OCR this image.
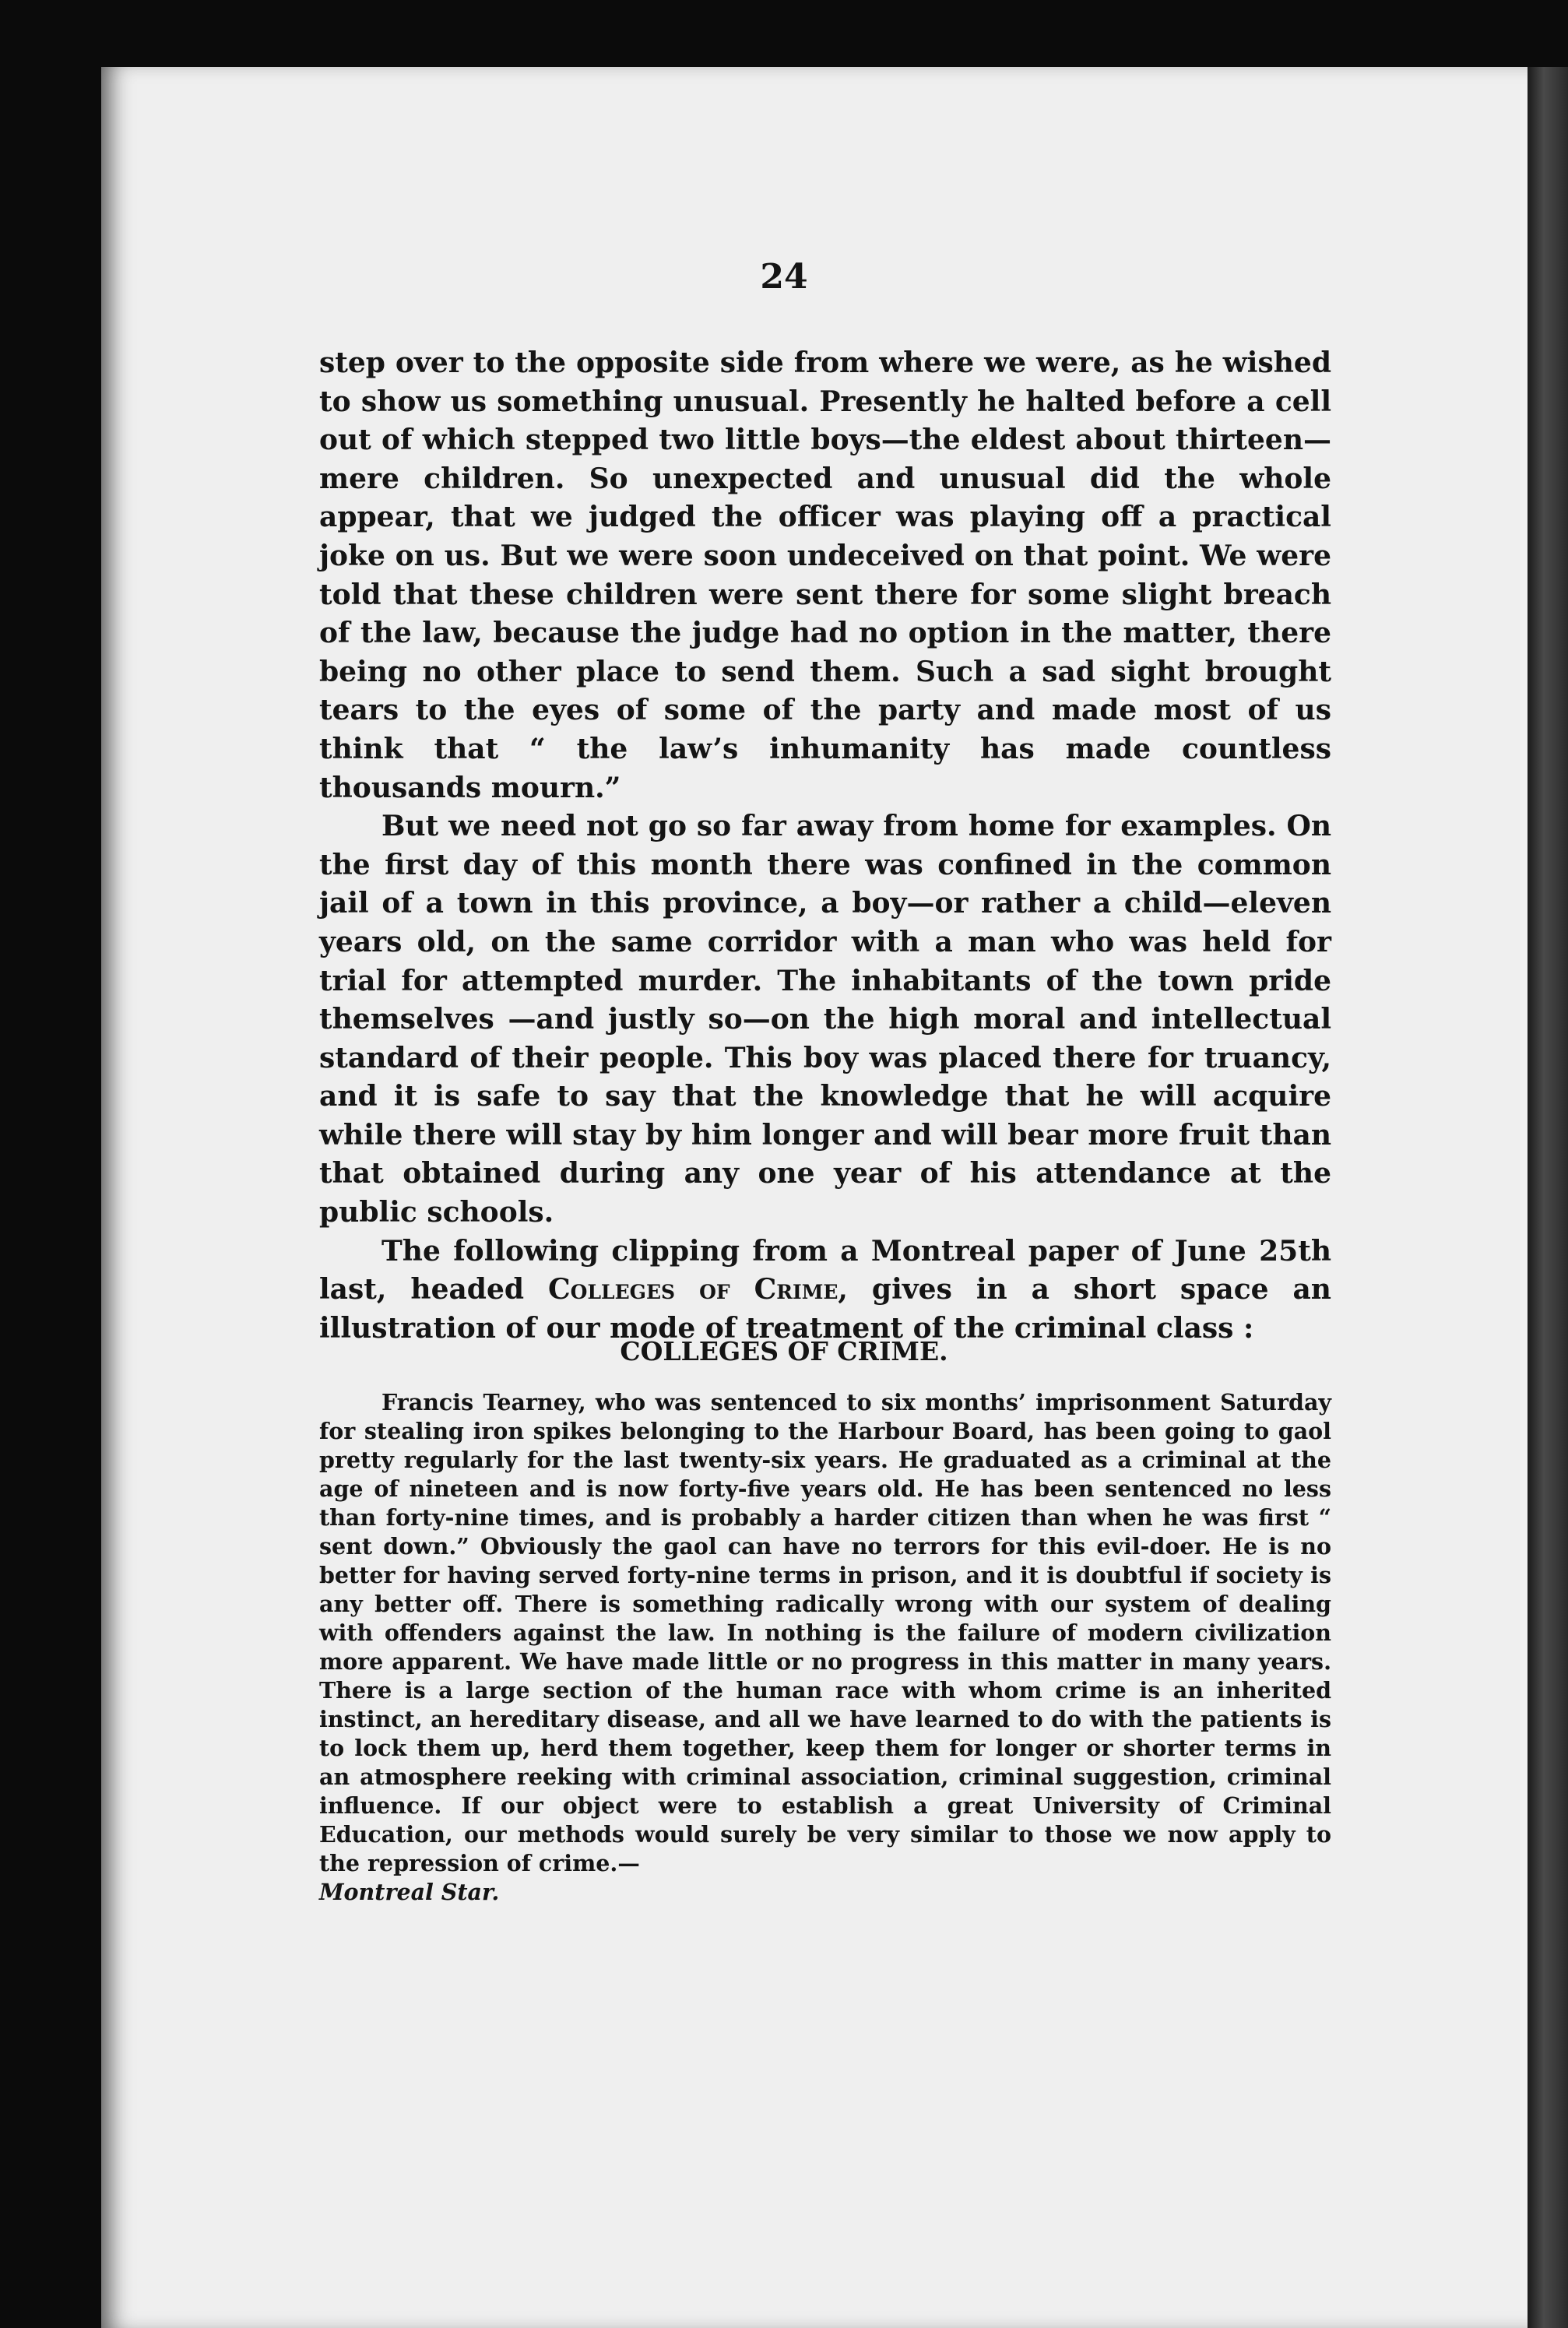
24

step over to the opposite side from where we were, as he wished to show us something unusual. Presently he halted before a cell out of which stepped two little boys—the eldest about thirteen—mere children. So unexpected and unusual did the whole appear, that we judged the officer was playing off a practical joke on us. But we were soon undeceived on that point. We were told that these children were sent there for some slight breach of the law, because the judge had no option in the matter, there being no other place to send them. Such a sad sight brought tears to the eyes of some of the party and made most of us think that “ the law’s inhumanity has made countless thousands mourn.”

But we need not go so far away from home for examples. On the first day of this month there was confined in the common jail of a town in this province, a boy—or rather a child—eleven years old, on the same corridor with a man who was held for trial for attempted murder. The inhabitants of the town pride themselves —and justly so—on the high moral and intellectual standard of their people. This boy was placed there for truancy, and it is safe to say that the knowledge that he will acquire while there will stay by him longer and will bear more fruit than that obtained during any one year of his attendance at the public schools.

The following clipping from a Montreal paper of June 25th last, headed Colleges of Crime, gives in a short space an illustration of our mode of treatment of the criminal class :

COLLEGES OF CRIME.

Francis Tearney, who was sentenced to six months’ imprisonment Saturday for stealing iron spikes belonging to the Harbour Board, has been going to gaol pretty regularly for the last twenty-six years. He graduated as a criminal at the age of nineteen and is now forty-five years old. He has been sentenced no less than forty-nine times, and is probably a harder citizen than when he was first “ sent down.” Obviously the gaol can have no terrors for this evil-doer. He is no better for having served forty-nine terms in prison, and it is doubtful if society is any better off. There is something radically wrong with our system of dealing with offenders against the law. In nothing is the failure of modern civilization more apparent. We have made little or no progress in this matter in many years. There is a large section of the human race with whom crime is an inherited instinct, an hereditary disease, and all we have learned to do with the patients is to lock them up, herd them together, keep them for longer or shorter terms in an atmosphere reeking with criminal association, criminal suggestion, criminal influence. If our object were to establish a great University of Criminal Education, our methods would surely be very similar to those we now apply to the repression of crime.—
Montreal Star.
